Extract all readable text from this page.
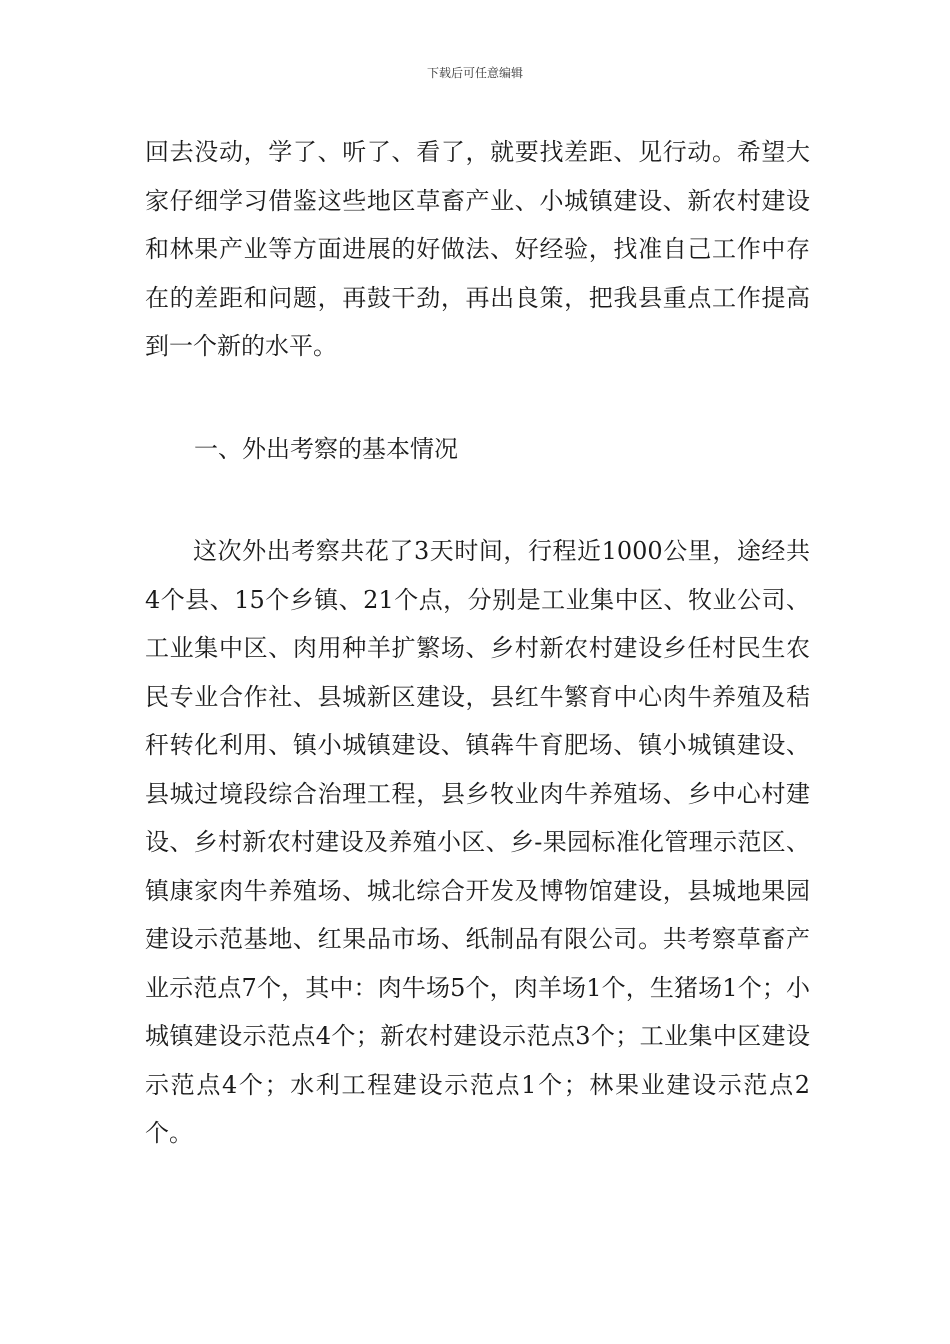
下载后可任意编辑

回去没动，学了、听了、看了，就要找差距、见行动。希望大家仔细学习借鉴这些地区草畜产业、小城镇建设、新农村建设和林果产业等方面进展的好做法、好经验，找准自己工作中存在的差距和问题，再鼓干劲，再出良策，把我县重点工作提高到一个新的水平。

一、外出考察的基本情况

这次外出考察共花了3天时间，行程近1000公里，途经共4个县、15个乡镇、21个点，分别是工业集中区、牧业公司、工业集中区、肉用种羊扩繁场、乡村新农村建设乡任村民生农民专业合作社、县城新区建设，县红牛繁育中心肉牛养殖及秸秆转化利用、镇小城镇建设、镇犇牛育肥场、镇小城镇建设、县城过境段综合治理工程，县乡牧业肉牛养殖场、乡中心村建设、乡村新农村建设及养殖小区、乡-果园标准化管理示范区、镇康家肉牛养殖场、城北综合开发及博物馆建设，县城地果园建设示范基地、红果品市场、纸制品有限公司。共考察草畜产业示范点7个，其中：肉牛场5个，肉羊场1个，生猪场1个；小城镇建设示范点4个；新农村建设示范点3个；工业集中区建设示范点4个；水利工程建设示范点1个；林果业建设示范点2个。
